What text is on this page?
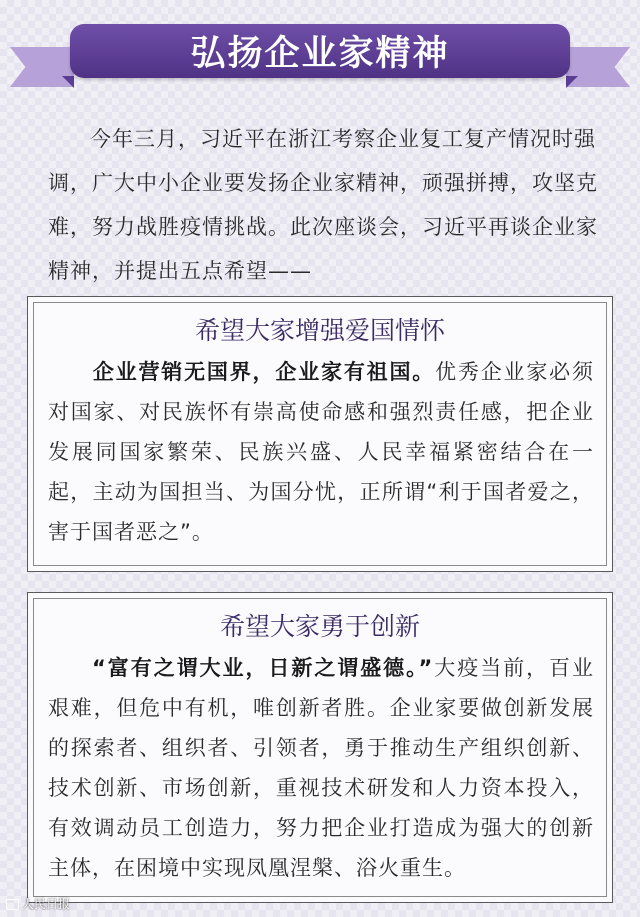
弘扬企业家精神

今年三月，习近平在浙江考察企业复工复产情况时强调，广大中小企业要发扬企业家精神，顽强拼搏，攻坚克难，努力战胜疫情挑战。此次座谈会，习近平再谈企业家精神，并提出五点希望——

希望大家增强爱国情怀

企业营销无国界，企业家有祖国。优秀企业家必须对国家、对民族怀有崇高使命感和强烈责任感，把企业发展同国家繁荣、民族兴盛、人民幸福紧密结合在一起，主动为国担当、为国分忧，正所谓“利于国者爱之，害于国者恶之”。

希望大家勇于创新

“富有之谓大业，日新之谓盛德。”大疫当前，百业艰难，但危中有机，唯创新者胜。企业家要做创新发展的探索者、组织者、引领者，勇于推动生产组织创新、技术创新、市场创新，重视技术研发和人力资本投入，有效调动员工创造力，努力把企业打造成为强大的创新主体，在困境中实现凤凰涅槃、浴火重生。

人民日报
